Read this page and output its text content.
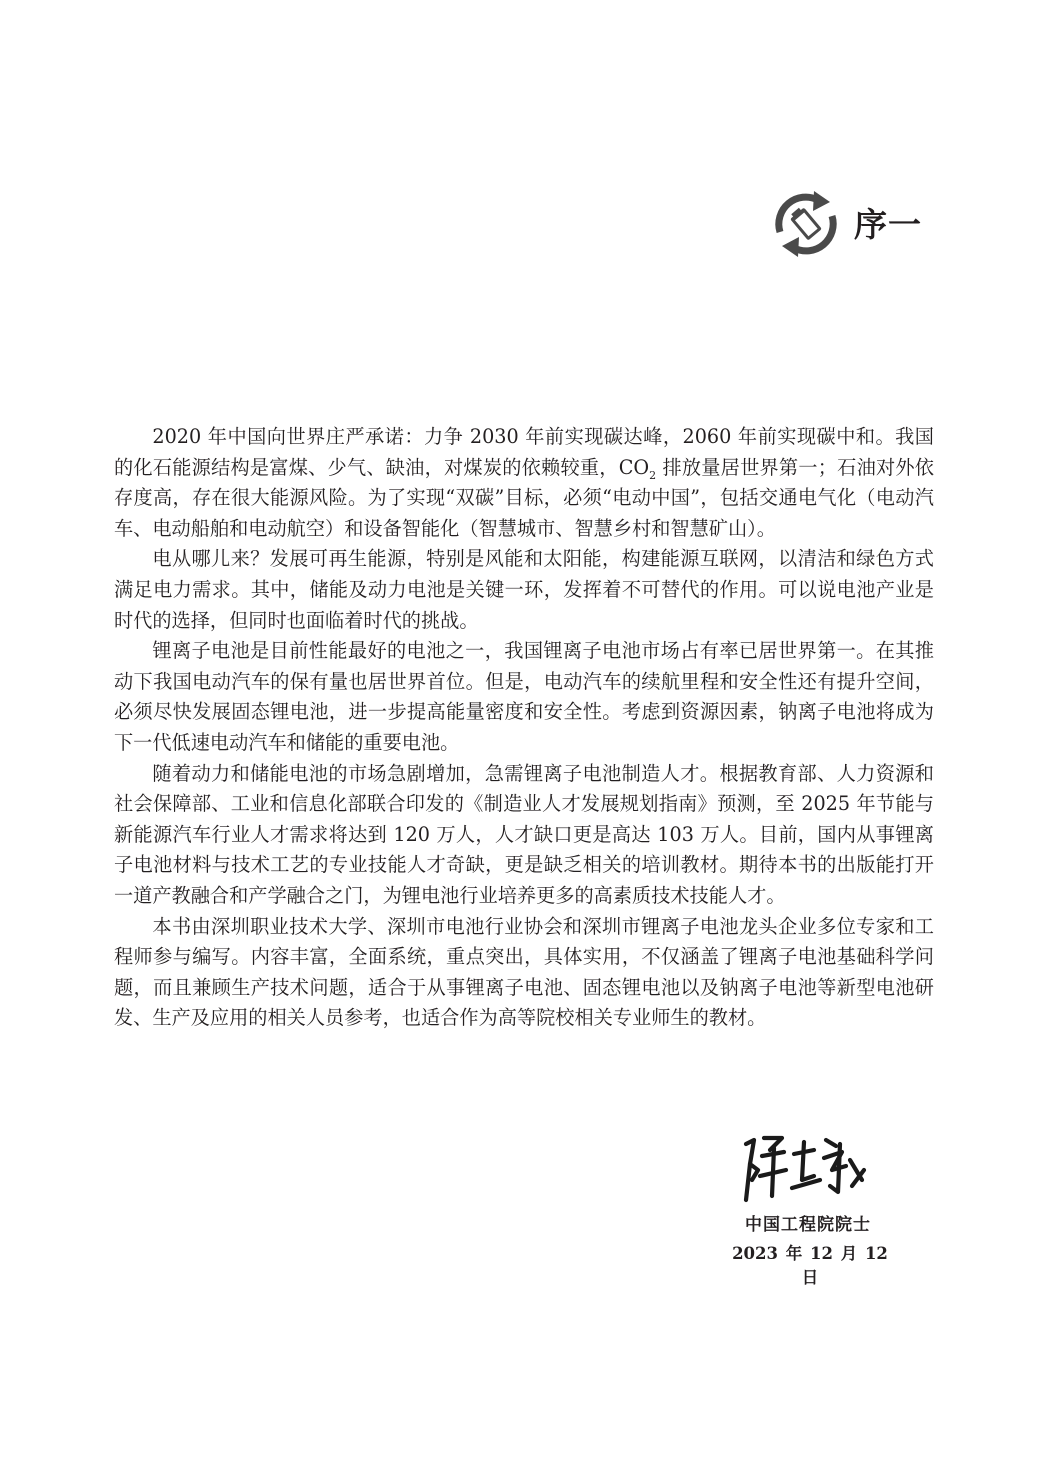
序一

2020 年中国向世界庄严承诺：力争 2030 年前实现碳达峰，2060 年前实现碳中和。我国的化石能源结构是富煤、少气、缺油，对煤炭的依赖较重，$CO_2$ 排放量居世界第一；石油对外依存度高，存在很大能源风险。为了实现“双碳”目标，必须“电动中国”，包括交通电气化（电动汽车、电动船舶和电动航空）和设备智能化（智慧城市、智慧乡村和智慧矿山）。

电从哪儿来？发展可再生能源，特别是风能和太阳能，构建能源互联网，以清洁和绿色方式满足电力需求。其中，储能及动力电池是关键一环，发挥着不可替代的作用。可以说电池产业是时代的选择，但同时也面临着时代的挑战。

锂离子电池是目前性能最好的电池之一，我国锂离子电池市场占有率已居世界第一。在其推动下我国电动汽车的保有量也居世界首位。但是，电动汽车的续航里程和安全性还有提升空间，必须尽快发展固态锂电池，进一步提高能量密度和安全性。考虑到资源因素，钠离子电池将成为下一代低速电动汽车和储能的重要电池。

随着动力和储能电池的市场急剧增加，急需锂离子电池制造人才。根据教育部、人力资源和社会保障部、工业和信息化部联合印发的《制造业人才发展规划指南》预测，至 2025 年节能与新能源汽车行业人才需求将达到 120 万人，人才缺口更是高达 103 万人。目前，国内从事锂离子电池材料与技术工艺的专业技能人才奇缺，更是缺乏相关的培训教材。期待本书的出版能打开一道产教融合和产学融合之门，为锂电池行业培养更多的高素质技术技能人才。

本书由深圳职业技术大学、深圳市电池行业协会和深圳市锂离子电池龙头企业多位专家和工程师参与编写。内容丰富，全面系统，重点突出，具体实用，不仅涵盖了锂离子电池基础科学问题，而且兼顾生产技术问题，适合于从事锂离子电池、固态锂电池以及钠离子电池等新型电池研发、生产及应用的相关人员参考，也适合作为高等院校相关专业师生的教材。

中国工程院院士
2023 年 12 月 12 日
